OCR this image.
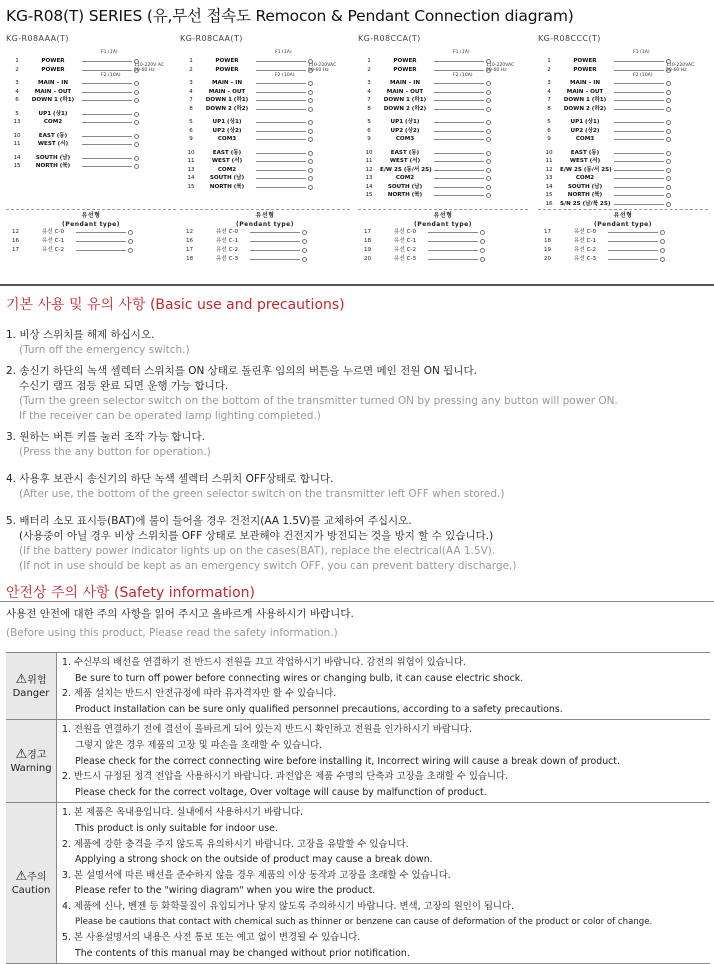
KG-R08(T) SERIES (유,무선 접속도 Remocon & Pendant Connection diagram)
KG-R08AAA(T)
1	POWER
2	POWER
3	MAIN – IN
4	MAIN – OUT
6	DOWN 1 (하1)
5	UP1 (상1)
13	COM2
10	EAST (동)
11	WEST (서)
14	SOUTH (남)
15	NORTH (북)
110-220V AC
50-60 Hz
F1 (1A)
F2 (10A)
KG-R08CAA(T)
1	POWER
2	POWER
3	MAIN – IN
4	MAIN – OUT
7	DOWN 1 (하1)
8	DOWN 2 (하2)
5	UP1 (상1)
6	UP2 (상2)
9	COM3
10	EAST (동)
11	WEST (서)
13	COM2
14	SOUTH (남)
15	NORTH (북)
110-220VAC
50-60 Hz
F1 (1A)
F2 (10A)
KG-R08CCA(T)
1	POWER
2	POWER
3	MAIN – IN
4	MAIN – OUT
7	DOWN 1 (하1)
8	DOWN 2 (하2)
5	UP1 (상1)
6	UP2 (상2)
9	COM3
10	EAST (동)
11	WEST (서)
12	E/W 2S (동/서 2S)
13	COM2
14	SOUTH (남)
15	NORTH (북)
110-220VAC
50-60 Hz
F1 (1A)
F2 (10A)
KG-R08CCC(T)
1	POWER
2	POWER
3	MAIN – IN
4	MAIN – OUT
7	DOWN 1 (하1)
8	DOWN 2 (하2)
5	UP1 (상1)
6	UP2 (상2)
9	COM3
10	EAST (동)
11	WEST (서)
12	E/W 2S (동/서 2S)
13	COM2
14	SOUTH (남)
15	NORTH (북)
16	S/N 2S (남/북 2S)
110-220VAC
50-60 Hz
F1 (1A)
F2 (10A)
유선형
(Pendant type)
12	유선 C-0
16	유선 C-1
17	유선 C-2
유선형
(Pendant type)
12	유선 C-0
16	유선 C-1
17	유선 C-2
18	유선 C-3
유선형
(Pendant type)
17	유선 C-0
18	유선 C-1
19	유선 C-2
20	유선 C-3
유선형
(Pendant type)
17	유선 C-0
18	유선 C-1
19	유선 C-2
20	유선 C-3
기본 사용 및 유의 사항 (Basic use and precautions)
1. 비상 스위치를 해제 하십시오.
(Turn off the emergency switch.)
2. 송신기 하단의 녹색 셀렉터 스위치를 ON 상태로 돌린후 임의의 버튼을 누르면 메인 전원 ON 됩니다.
수신기 램프 점등 완료 되면 운행 가능 합니다.
(Turn the green selector switch on the bottom of the transmitter turned ON by pressing any button will power ON.
If the receiver can be operated lamp lighting completed.)
3. 원하는 버튼 키를 눌러 조작 가능 합니다.
(Press the any button for operation.)
4. 사용후 보관시 송신기의 하단 녹색 셀렉터 스위치 OFF상태로 합니다.
(After use, the bottom of the green selector switch on the transmitter left OFF when stored.)
5. 배터리 소모 표시등(BAT)에 불이 들어올 경우 건전지(AA 1.5V)를 교체하여 주십시오.
(사용중이 아닐 경우 비상 스위치를 OFF 상태로 보관해야 건전지가 방전되는 것을 방지 할 수 있습니다.)
(If the battery power indicator lights up on the cases(BAT), replace the electrical(AA 1.5V).
(If not in use should be kept as an emergency switch OFF, you can prevent battery discharge.)
안전상 주의 사항 (Safety information)
사용전 안전에 대한 주의 사항을 읽어 주시고 올바르게 사용하시기 바랍니다.
(Before using this product, Please read the safety information.)
⚠위험
Danger
1. 수신부의 배선을 연결하기 전 반드시 전원을 끄고 작업하시기 바랍니다. 감전의 위험이 있습니다.
Be sure to turn off power before connecting wires or changing bulb, it can cause electric shock.
2. 제품 설치는 반드시 안전규정에 따라 유자격자만 할 수 있습니다.
Product installation can be sure only qualified personnel precautions, according to a safety precautions.
⚠경고
Warning
1. 전원을 연결하기 전에 결선이 올바르게 되어 있는지 반드시 확인하고 전원을 인가하시기 바랍니다.
그렇지 않은 경우 제품의 고장 및 파손을 초래할 수 있습니다.
Please check for the correct connecting wire before installing it, Incorrect wiring will cause a break down of product.
2. 반드시 규정된 정격 전압을 사용하시기 바랍니다. 과전압은 제품 수명의 단축과 고장을 초래할 수 있습니다.
Please check for the correct voltage, Over voltage will cause by malfunction of product.
⚠주의
Caution
1. 본 제품은 옥내용입니다. 실내에서 사용하시기 바랍니다.
This product is only suitable for indoor use.
2. 제품에 강한 충격을 주지 않도록 유의하시기 바랍니다. 고장을 유발할 수 있습니다.
Applying a strong shock on the outside of product may cause a break down.
3. 본 설명서에 따른 배선을 준수하지 않을 경우 제품의 이상 동작과 고장을 초래할 수 있습니다.
Please refer to the "wiring diagram" when you wire the product.
4. 제품에 신나, 벤젠 등 화학물질이 유입되거나 닿지 않도록 주의하시기 바랍니다. 변색, 고장의 원인이 됩니다.
Please be cautions that contact with chemical such as thinner or benzene can cause of deformation of the product or color of change.
5. 본 사용설명서의 내용은 사전 통보 또는 예고 없이 변경될 수 있습니다.
The contents of this manual may be changed without prior notification.
